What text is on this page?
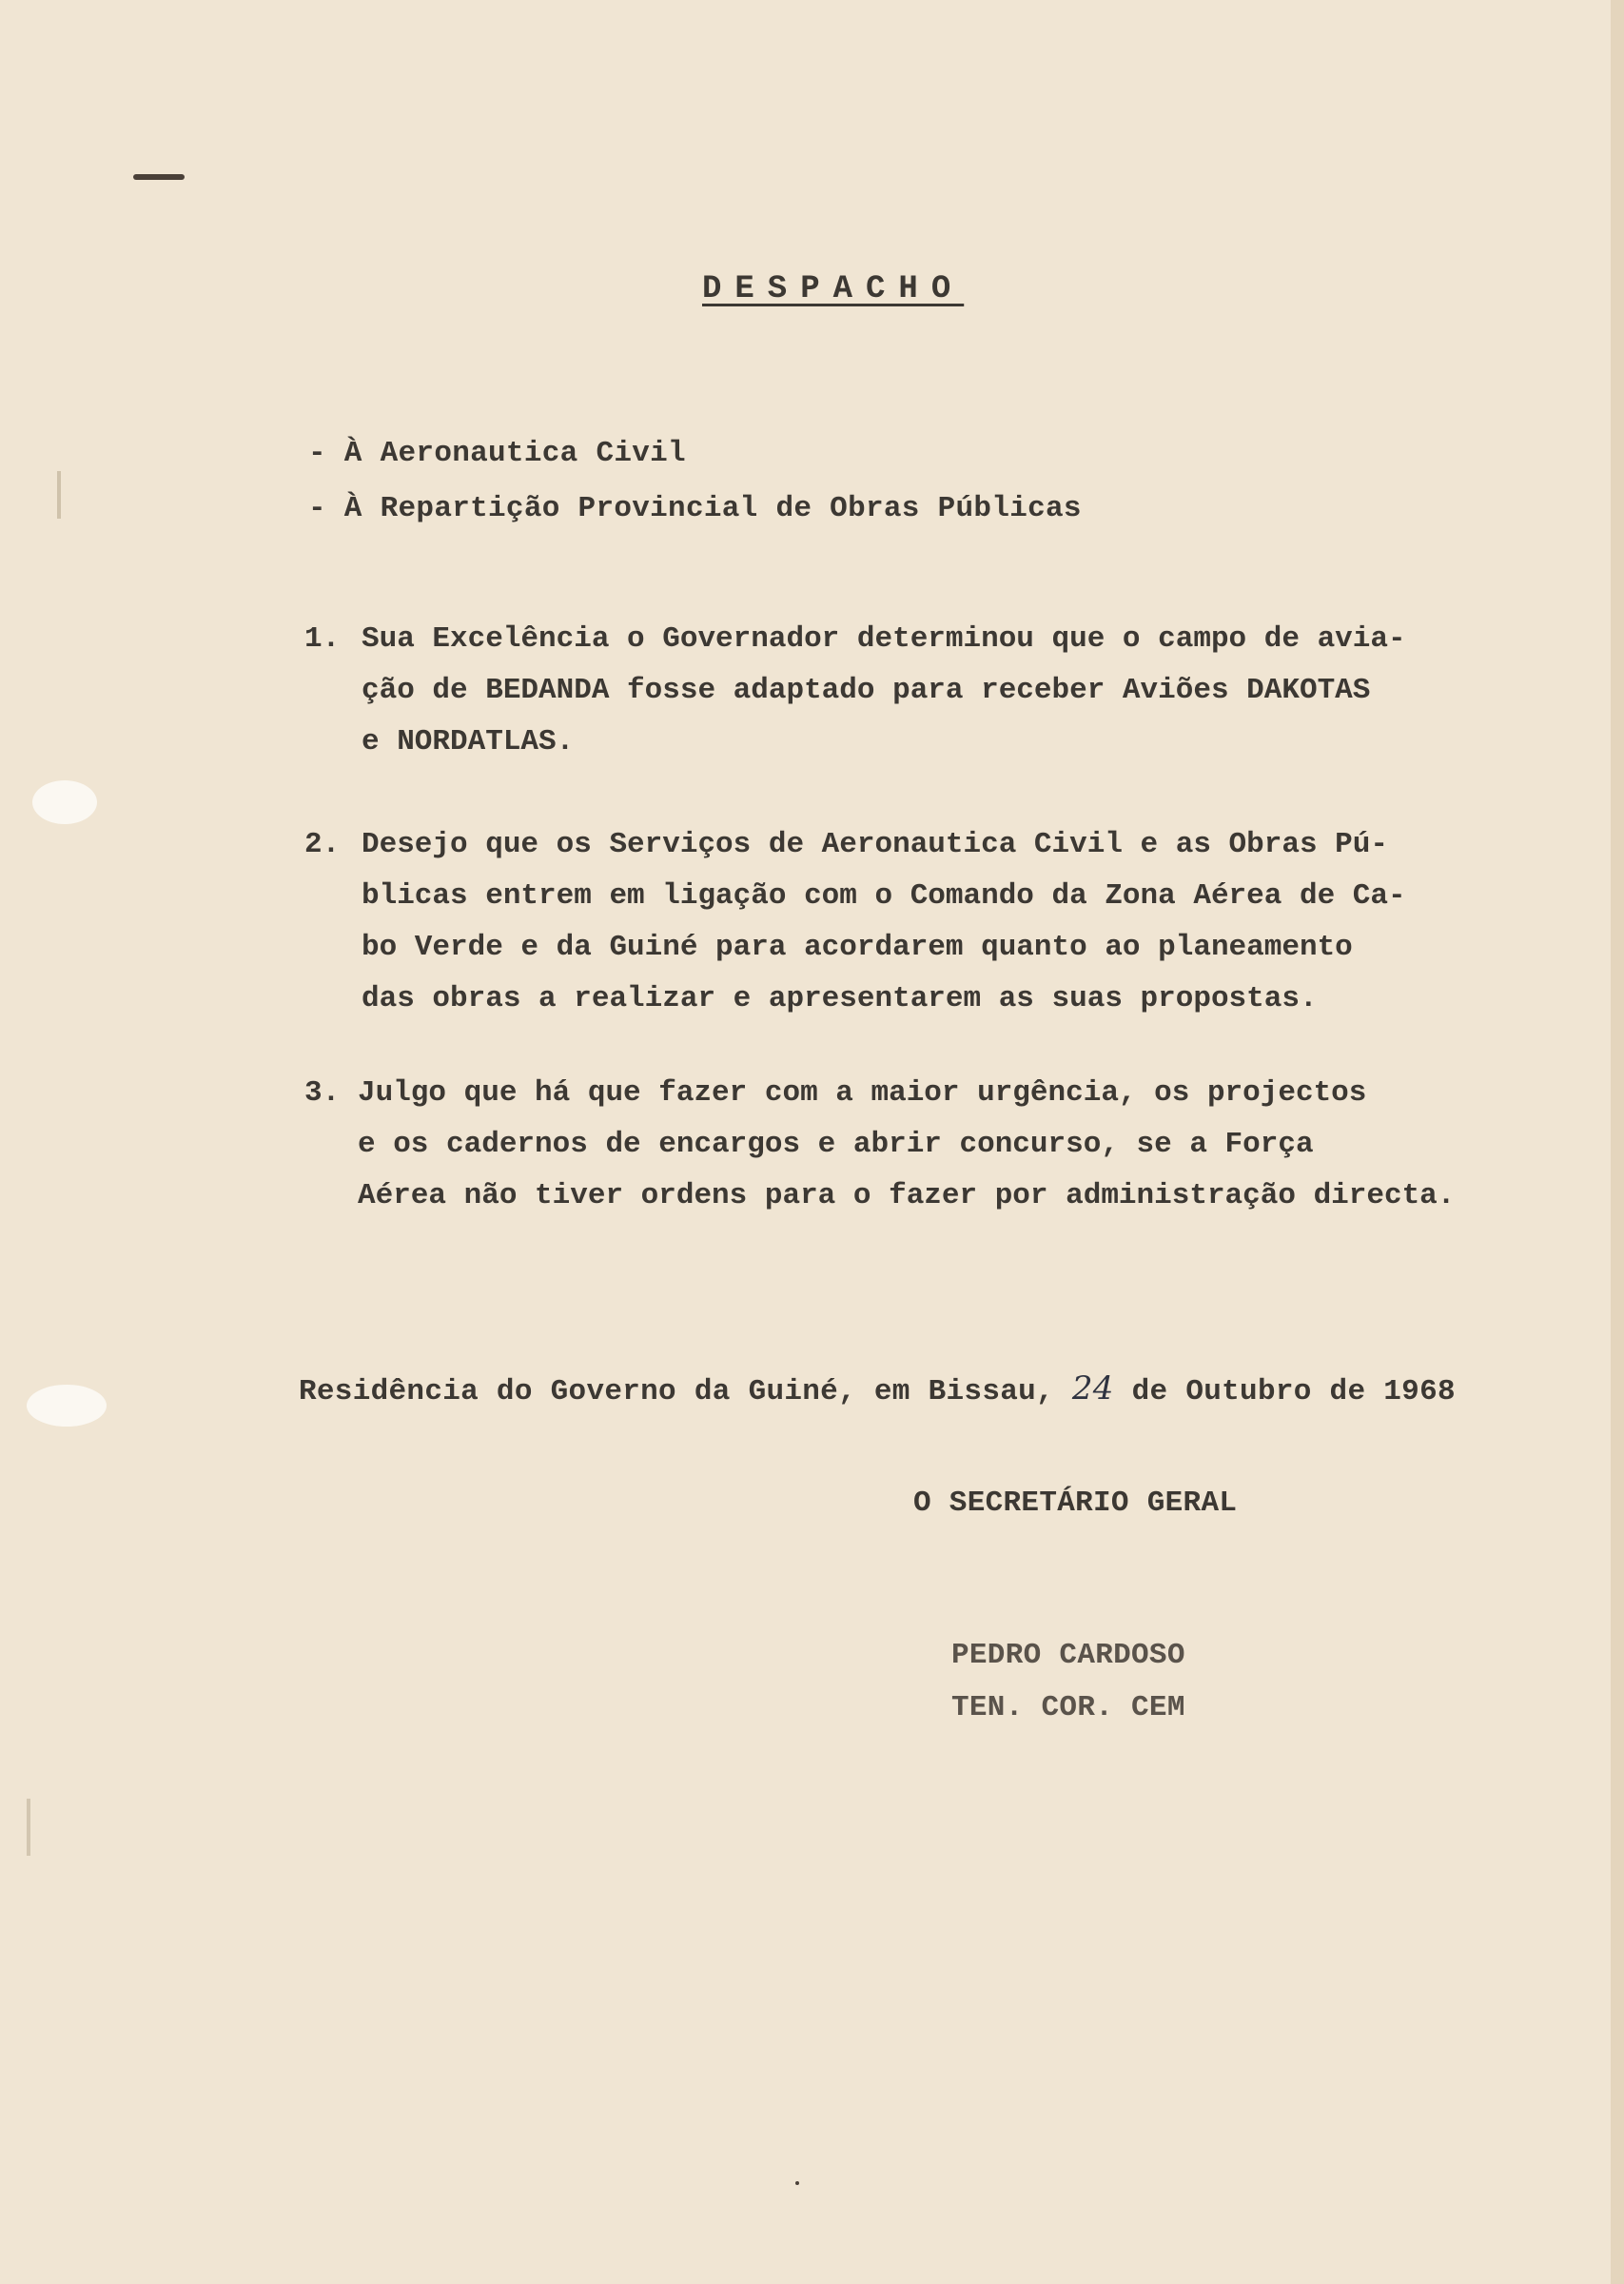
DESPACHO
- À Aeronautica Civil
- À Repartição Provincial de Obras Públicas
1. Sua Excelência o Governador determinou que o campo de avia-
ção de BEDANDA fosse adaptado para receber Aviões DAKOTAS
e NORDATLAS.
2. Desejo que os Serviços de Aeronautica Civil e as Obras Pú-
blicas entrem em ligação com o Comando da Zona Aérea de Ca-
bo Verde e da Guiné para acordarem quanto ao planeamento
das obras a realizar e apresentarem as suas propostas.
3. Julgo que há que fazer com a maior urgência, os projectos
e os cadernos de encargos e abrir concurso, se a Força
Aérea não tiver ordens para o fazer por administração directa.
Residência do Governo da Guiné, em Bissau, 24 de Outubro de 1968
O SECRETÁRIO GERAL
PEDRO CARDOSO
TEN. COR. CEM
